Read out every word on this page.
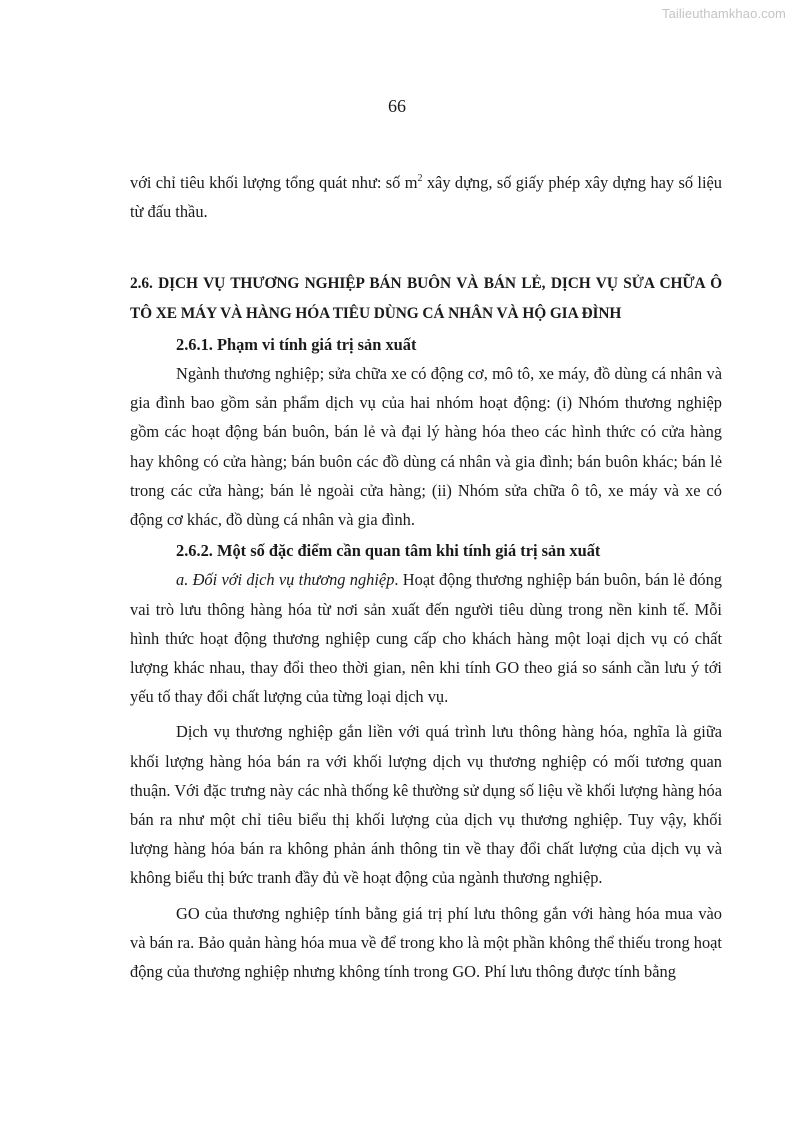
Tailieuthamkhao.com
66

với chỉ tiêu khối lượng tổng quát như: số $m^2$ xây dựng, số giấy phép xây dựng hay số liệu từ đấu thầu.

2.6. DỊCH VỤ THƯƠNG NGHIỆP BÁN BUÔN VÀ BÁN LẺ, DỊCH VỤ SỬA CHỮA Ô TÔ XE MÁY VÀ HÀNG HÓA TIÊU DÙNG CÁ NHÂN VÀ HỘ GIA ĐÌNH

2.6.1. Phạm vi tính giá trị sản xuất

Ngành thương nghiệp; sửa chữa xe có động cơ, mô tô, xe máy, đồ dùng cá nhân và gia đình bao gồm sản phẩm dịch vụ của hai nhóm hoạt động: (i) Nhóm thương nghiệp gồm các hoạt động bán buôn, bán lẻ và đại lý hàng hóa theo các hình thức có cửa hàng hay không có cửa hàng; bán buôn các đồ dùng cá nhân và gia đình; bán buôn khác; bán lẻ trong các cửa hàng; bán lẻ ngoài cửa hàng; (ii) Nhóm sửa chữa ô tô, xe máy và xe có động cơ khác, đồ dùng cá nhân và gia đình.

2.6.2. Một số đặc điểm cần quan tâm khi tính giá trị sản xuất

a. Đối với dịch vụ thương nghiệp. Hoạt động thương nghiệp bán buôn, bán lẻ đóng vai trò lưu thông hàng hóa từ nơi sản xuất đến người tiêu dùng trong nền kinh tế. Mỗi hình thức hoạt động thương nghiệp cung cấp cho khách hàng một loại dịch vụ có chất lượng khác nhau, thay đổi theo thời gian, nên khi tính GO theo giá so sánh cần lưu ý tới yếu tố thay đổi chất lượng của từng loại dịch vụ.

Dịch vụ thương nghiệp gắn liền với quá trình lưu thông hàng hóa, nghĩa là giữa khối lượng hàng hóa bán ra với khối lượng dịch vụ thương nghiệp có mối tương quan thuận. Với đặc trưng này các nhà thống kê thường sử dụng số liệu về khối lượng hàng hóa bán ra như một chỉ tiêu biểu thị khối lượng của dịch vụ thương nghiệp. Tuy vậy, khối lượng hàng hóa bán ra không phản ánh thông tin về thay đổi chất lượng của dịch vụ và không biểu thị bức tranh đầy đủ về hoạt động của ngành thương nghiệp.

GO của thương nghiệp tính bằng giá trị phí lưu thông gắn với hàng hóa mua vào và bán ra. Bảo quản hàng hóa mua về để trong kho là một phần không thể thiếu trong hoạt động của thương nghiệp nhưng không tính trong GO. Phí lưu thông được tính bằng
